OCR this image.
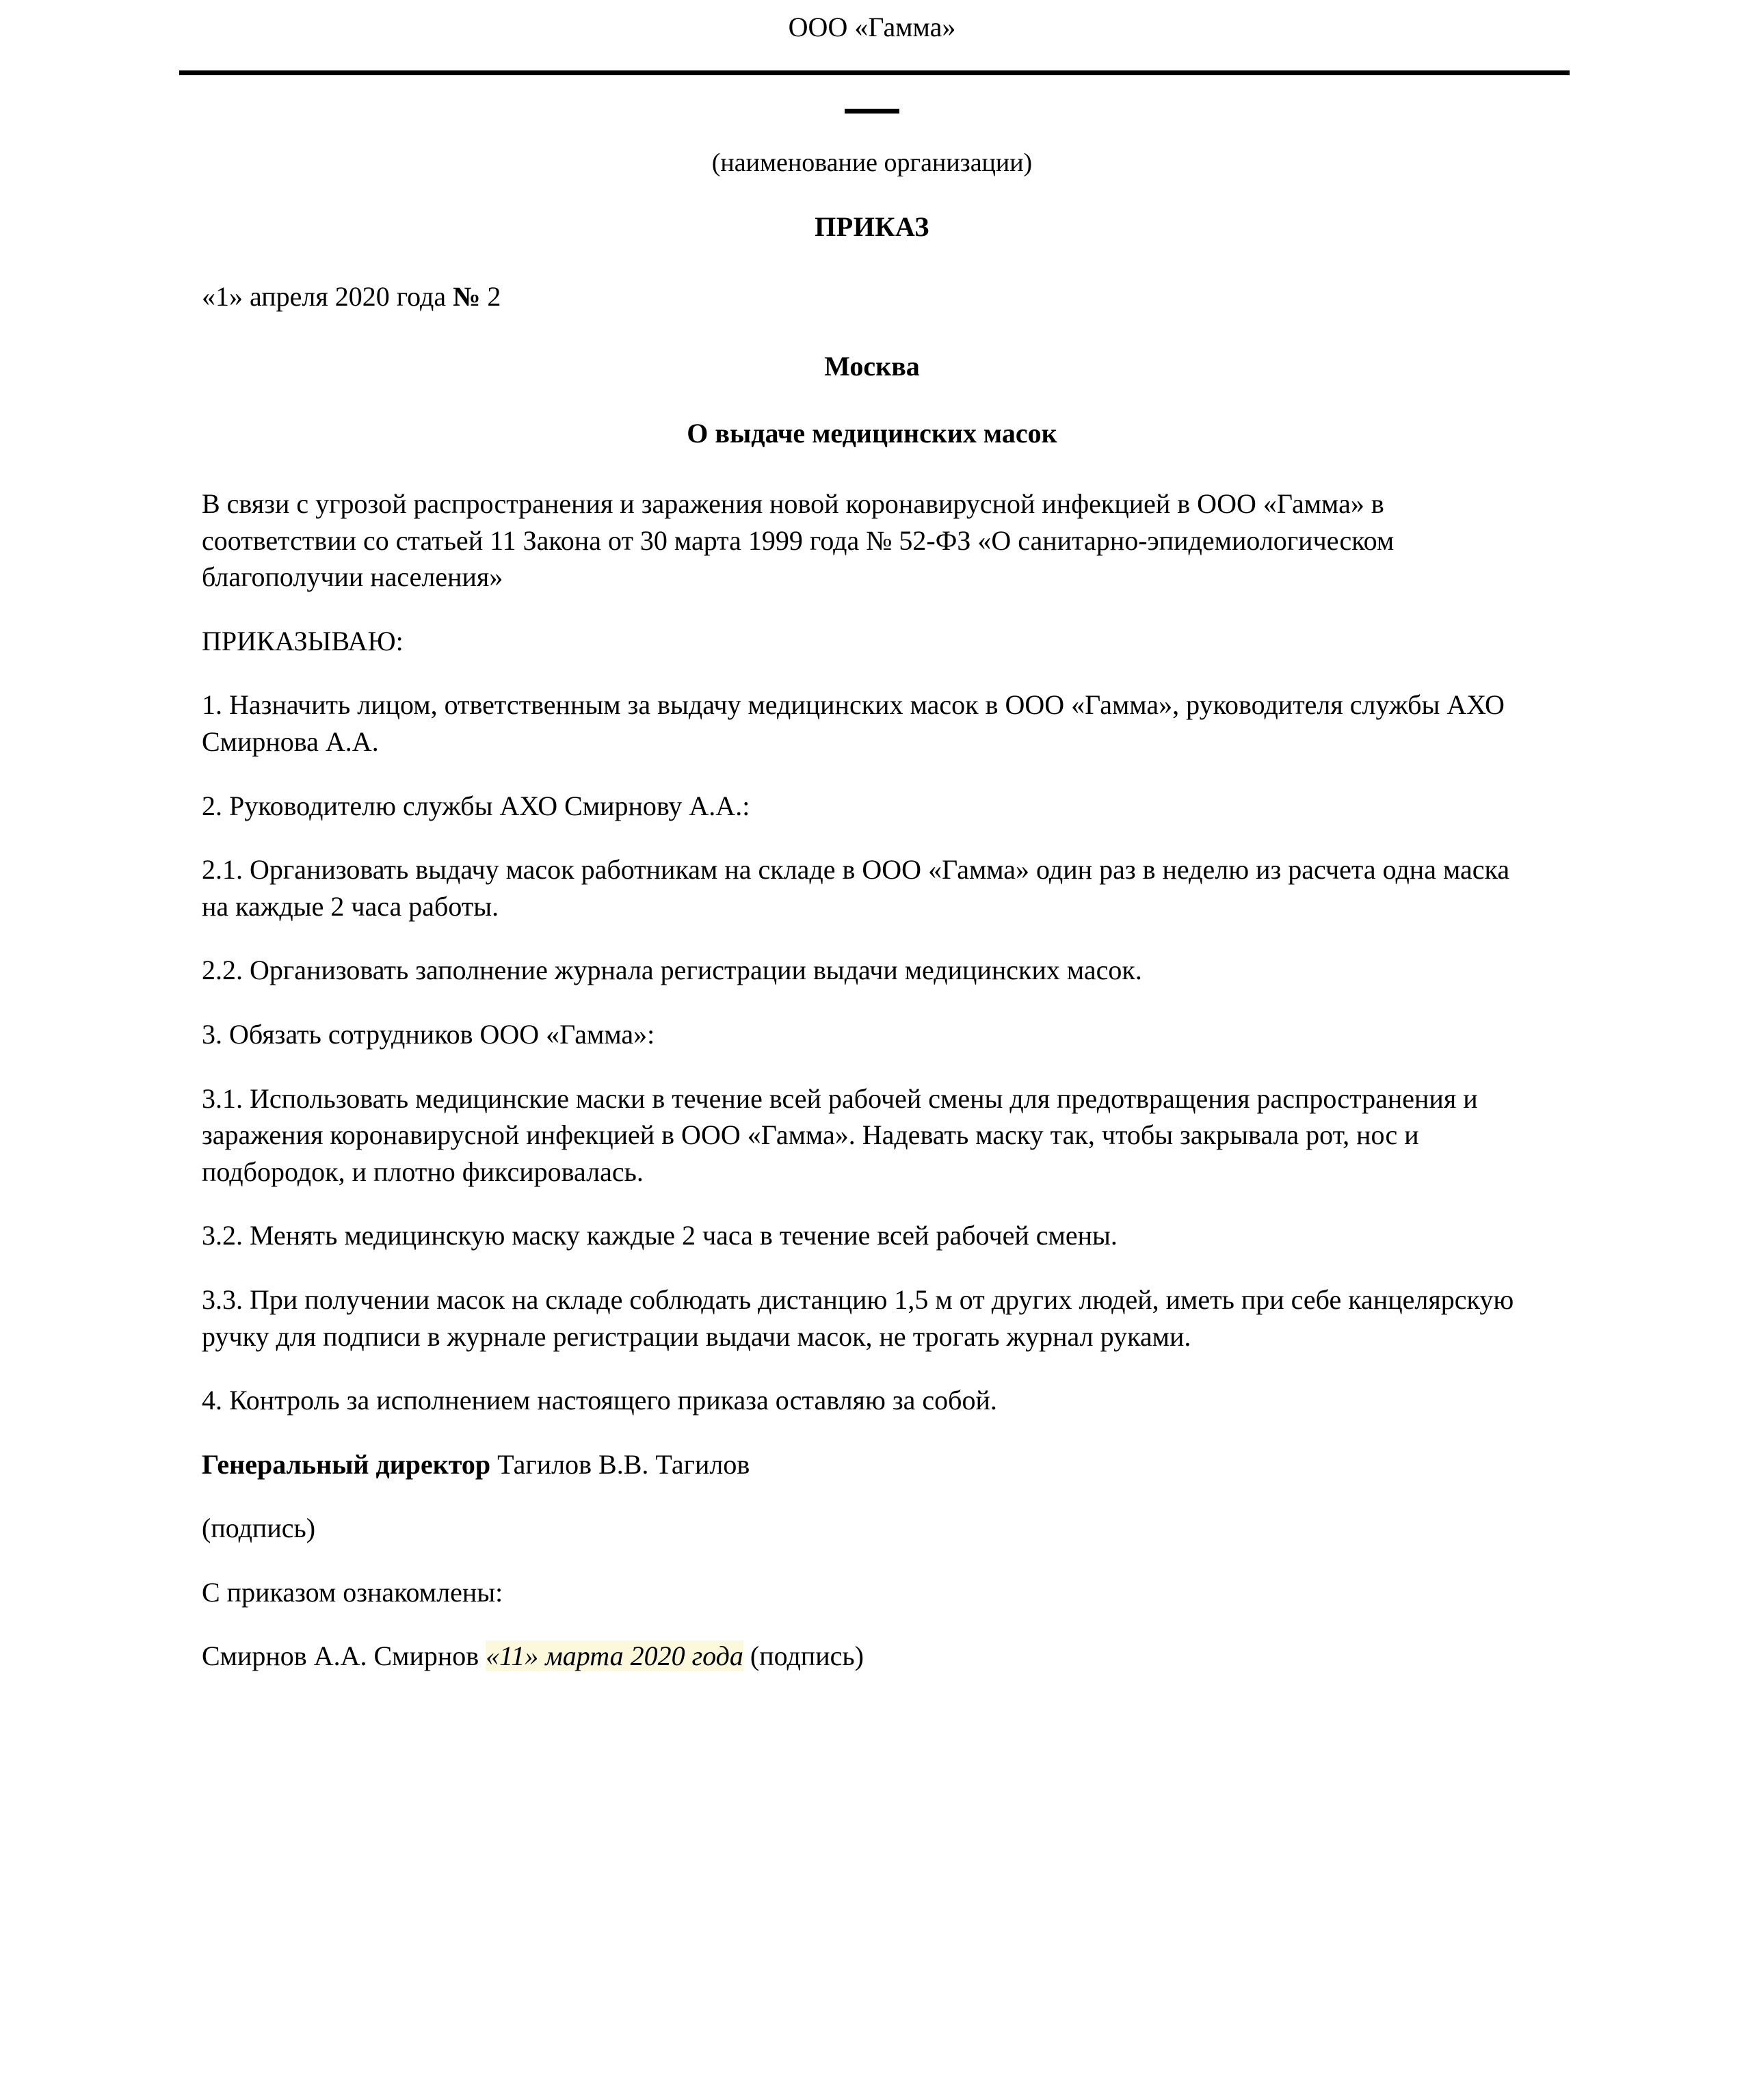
ООО «Гамма»
(наименование организации)
ПРИКАЗ
«1» апреля 2020 года № 2
Москва
О выдаче медицинских масок

В связи с угрозой распространения и заражения новой коронавирусной инфекцией в ООО «Гамма» в соответствии со статьей 11 Закона от 30 марта 1999 года № 52-ФЗ «О санитарно-эпидемиологическом благополучии населения»

ПРИКАЗЫВАЮ:

1. Назначить лицом, ответственным за выдачу медицинских масок в ООО «Гамма», руководителя службы АХО Смирнова А.А.

2. Руководителю службы АХО Смирнову А.А.:

2.1. Организовать выдачу масок работникам на складе в ООО «Гамма» один раз в неделю из расчета одна маска на каждые 2 часа работы.

2.2. Организовать заполнение журнала регистрации выдачи медицинских масок.

3. Обязать сотрудников ООО «Гамма»:

3.1. Использовать медицинские маски в течение всей рабочей смены для предотвращения распространения и заражения коронавирусной инфекцией в ООО «Гамма». Надевать маску так, чтобы закрывала рот, нос и подбородок, и плотно фиксировалась.

3.2. Менять медицинскую маску каждые 2 часа в течение всей рабочей смены.

3.3. При получении масок на складе соблюдать дистанцию 1,5 м от других людей, иметь при себе канцелярскую ручку для подписи в журнале регистрации выдачи масок, не трогать журнал руками.

4. Контроль за исполнением настоящего приказа оставляю за собой.

Генеральный директор Тагилов В.В. Тагилов

(подпись)

С приказом ознакомлены:

Смирнов А.А. Смирнов «11» марта 2020 года (подпись)
